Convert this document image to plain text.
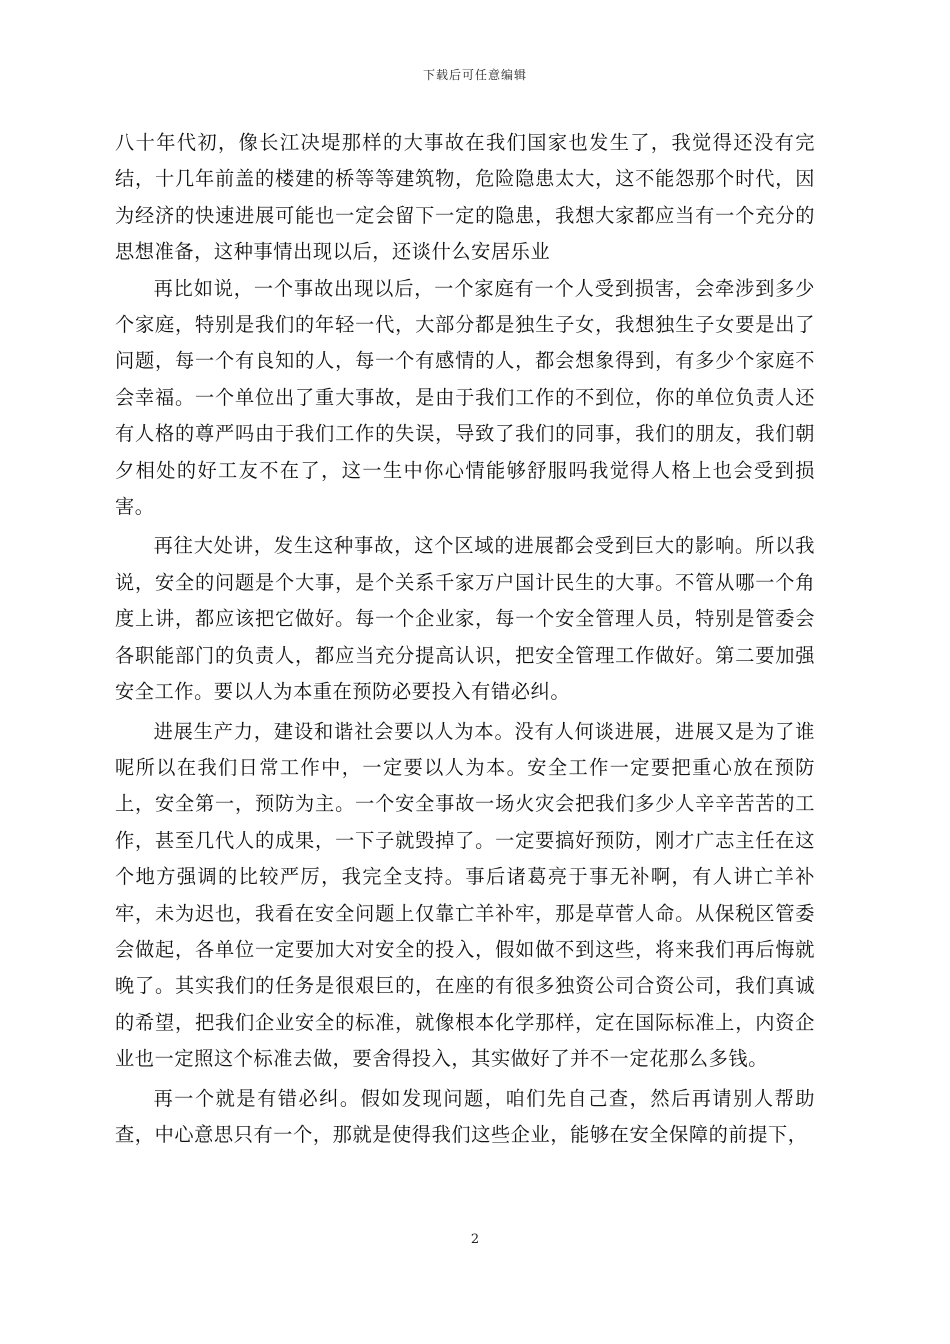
下载后可任意编辑

八十年代初，像长江决堤那样的大事故在我们国家也发生了，我觉得还没有完结，十几年前盖的楼建的桥等等建筑物，危险隐患太大，这不能怨那个时代，因为经济的快速进展可能也一定会留下一定的隐患，我想大家都应当有一个充分的思想准备，这种事情出现以后，还谈什么安居乐业

再比如说，一个事故出现以后，一个家庭有一个人受到损害，会牵涉到多少个家庭，特别是我们的年轻一代，大部分都是独生子女，我想独生子女要是出了问题，每一个有良知的人，每一个有感情的人，都会想象得到，有多少个家庭不会幸福。一个单位出了重大事故，是由于我们工作的不到位，你的单位负责人还有人格的尊严吗由于我们工作的失误，导致了我们的同事，我们的朋友，我们朝夕相处的好工友不在了，这一生中你心情能够舒服吗我觉得人格上也会受到损害。

再往大处讲，发生这种事故，这个区域的进展都会受到巨大的影响。所以我说，安全的问题是个大事，是个关系千家万户国计民生的大事。不管从哪一个角度上讲，都应该把它做好。每一个企业家，每一个安全管理人员，特别是管委会各职能部门的负责人，都应当充分提高认识，把安全管理工作做好。第二要加强安全工作。要以人为本重在预防必要投入有错必纠。

进展生产力，建设和谐社会要以人为本。没有人何谈进展，进展又是为了谁呢所以在我们日常工作中，一定要以人为本。安全工作一定要把重心放在预防上，安全第一，预防为主。一个安全事故一场火灾会把我们多少人辛辛苦苦的工作，甚至几代人的成果，一下子就毁掉了。一定要搞好预防，刚才广志主任在这个地方强调的比较严厉，我完全支持。事后诸葛亮于事无补啊，有人讲亡羊补牢，未为迟也，我看在安全问题上仅靠亡羊补牢，那是草菅人命。从保税区管委会做起，各单位一定要加大对安全的投入，假如做不到这些，将来我们再后悔就晚了。其实我们的任务是很艰巨的，在座的有很多独资公司合资公司，我们真诚的希望，把我们企业安全的标准，就像根本化学那样，定在国际标准上，内资企业也一定照这个标准去做，要舍得投入，其实做好了并不一定花那么多钱。

再一个就是有错必纠。假如发现问题，咱们先自己查，然后再请别人帮助查，中心意思只有一个，那就是使得我们这些企业，能够在安全保障的前提下，

2
